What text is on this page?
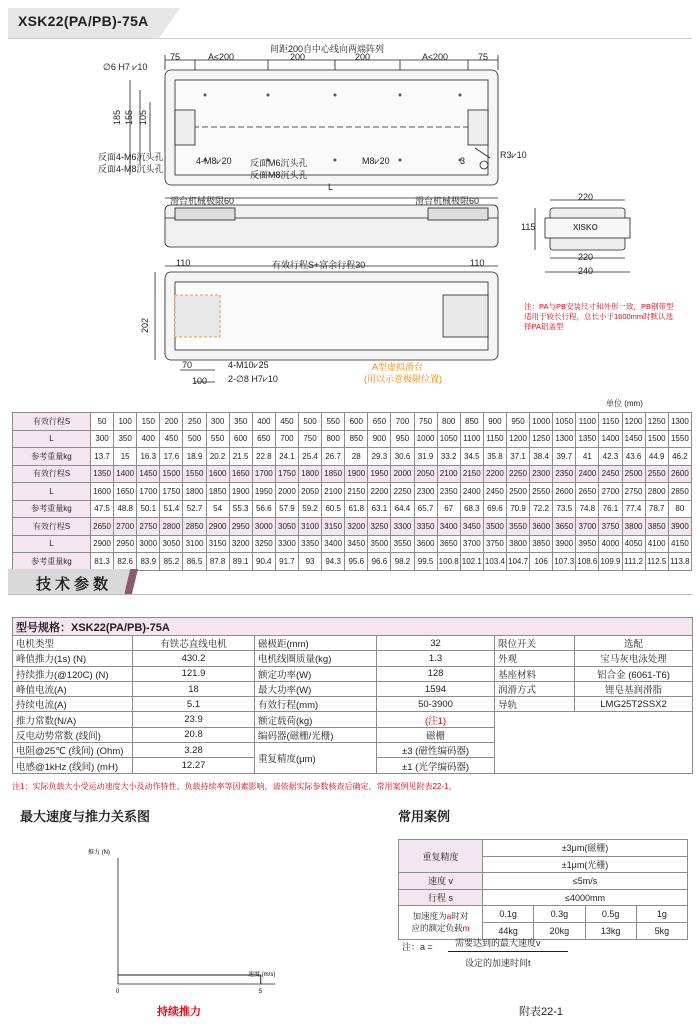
XSK22(PA/PB)-75A
XISKO
间距200自中心线向两端阵列
A≤200	A≤200
75	75
200	200
∅6 H7 ⩗10
185 155 105
反面4-M6沉头孔
反面4-M8沉头孔
4-M8⩗20 反面M6沉头孔
反面M8沉头孔
M8⩗20	3
R3⩗10
L
滑台机械极限60	滑台机械极限60	220
115
220
240
110	有效行程S+富余行程30	110
202
4-M10⩗25
2-∅8 H7⩗10
70
100
A型虚拟滑台
(用以示意极限位置)
注：PA与PB安装尺寸和外形一致，PB钢带型适用于较长行程，总长小于1600mm时默认选择PA铝盖型
单位 (mm)
有效行程S	50	100	150	200	250	300	350	400	450	500	550	600	650	700	750	800	850	900	950	1000	1050	1100	1150	1200	1250	1300
L	300	350	400	450	500	550	600	650	700	750	800	850	900	950	1000	1050	1100	1150	1200	1250	1300	1350	1400	1450	1500	1550
参考重量kg	13.7	15	16.3	17.6	18.9	20.2	21.5	22.8	24.1	25.4	26.7	28	29.3	30.6	31.9	33.2	34.5	35.8	37.1	38.4	39.7	41	42.3	43.6	44.9	46.2
有效行程S	1350	1400	1450	1500	1550	1600	1650	1700	1750	1800	1850	1900	1950	2000	2050	2100	2150	2200	2250	2300	2350	2400	2450	2500	2550	2600
L	1600	1650	1700	1750	1800	1850	1900	1950	2000	2050	2100	2150	2200	2250	2300	2350	2400	2450	2500	2550	2600	2650	2700	2750	2800	2850
参考重量kg	47.5	48.8	50.1	51.4	52.7	54	55.3	56.6	57.9	59.2	60.5	61.8	63.1	64.4	65.7	67	68.3	69.6	70.9	72.2	73.5	74.8	76.1	77.4	78.7	80
有效行程S	2650	2700	2750	2800	2850	2900	2950	3000	3050	3100	3150	3200	3250	3300	3350	3400	3450	3500	3550	3600	3650	3700	3750	3800	3850	3900
L	2900	2950	3000	3050	3100	3150	3200	3250	3300	3350	3400	3450	3500	3550	3600	3650	3700	3750	3800	3850	3900	3950	4000	4050	4100	4150
参考重量kg	81.3	82.6	83.9	85.2	86.5	87.8	89.1	90.4	91.7	93	94.3	95.6	96.6	98.2	99.5	100.8	102.1	103.4	104.7	106	107.3	108.6	109.9	111.2	112.5	113.8
技术参数
型号规格：XSK22(PA/PB)-75A					
电机类型	有铁芯直线电机	磁极距(mm)	32	限位开关	选配
峰值推力(1s) (N)	430.2	电机线圈质量(kg)	1.3	外观	宝马灰电泳处理
持续推力(@120C) (N)	121.9	额定功率(W)	128	基座材料	铝合金 (6061-T6)
峰值电流(A)	18	最大功率(W)	1594	润滑方式	锂皂基润滑脂
持续电流(A)	5.1	有效行程(mm)	50-3900	导轨	LMG25T2SSX2
推力常数(N/A)	23.9	额定载荷(kg)	(注1)		
反电动势常数 (线间)	20.8	编码器(磁栅/光栅)	磁栅		
电阻@25℃ (线间) (Ohm)	3.28	重复精度(μm)	±3 (磁性编码器)		
电感@1kHz (线间) (mH)	12.27		±1 (光学编码器)		
注1：实际负载大小受运动速度大小及动作特性、负载持续率等因素影响，请依据实际参数核查后确定，常用案例见附表22-1。
最大速度与推力关系图
推力 (N)
速度 (m/s)
0	5
持续推力
常用案例
重复精度	±3μm(磁栅)			
	±1μm(光栅)			
速度 v	≤5m/s			
行程 s	≤4000mm			
加速度为a时对
应的额定负载m	0.1g	0.3g	0.5g	1g
	44kg	20kg	13kg	5kg
注：a = 需要达到的最大速度v
设定的加速时间t
附表22-1
